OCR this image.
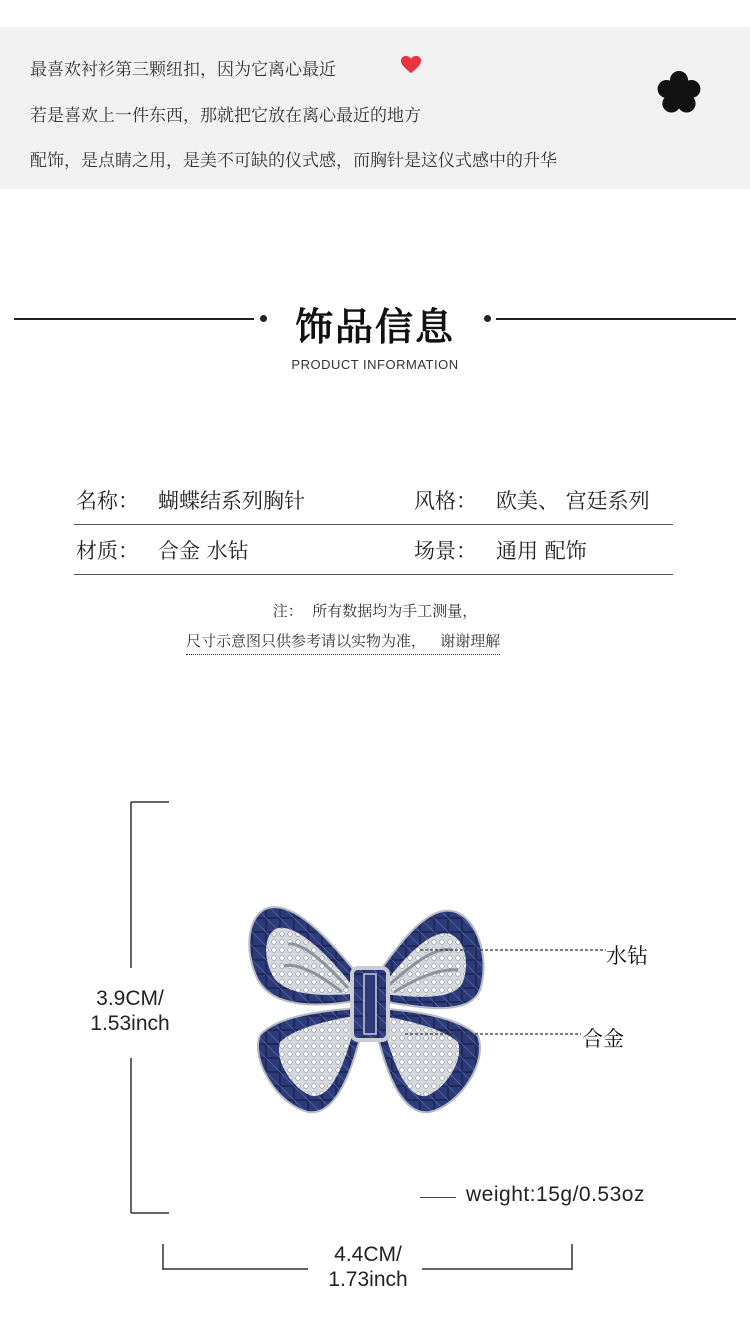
最喜欢衬衫第三颗纽扣，因为它离心最近
若是喜欢上一件东西，那就把它放在离心最近的地方
配饰，是点睛之用，是美不可缺的仪式感，而胸针是这仪式感中的升华
饰品信息
PRODUCT INFORMATION
名称： 蝴蝶结系列胸针	风格： 欧美、 宫廷系列
材质： 合金 水钻	场景： 通用 配饰
注：  所有数据均为手工测量，
尺寸示意图只供参考请以实物为准，   谢谢理解
3.9CM/
1.53inch
4.4CM/
1.73inch
水钻
合金
weight:15g/0.53oz
